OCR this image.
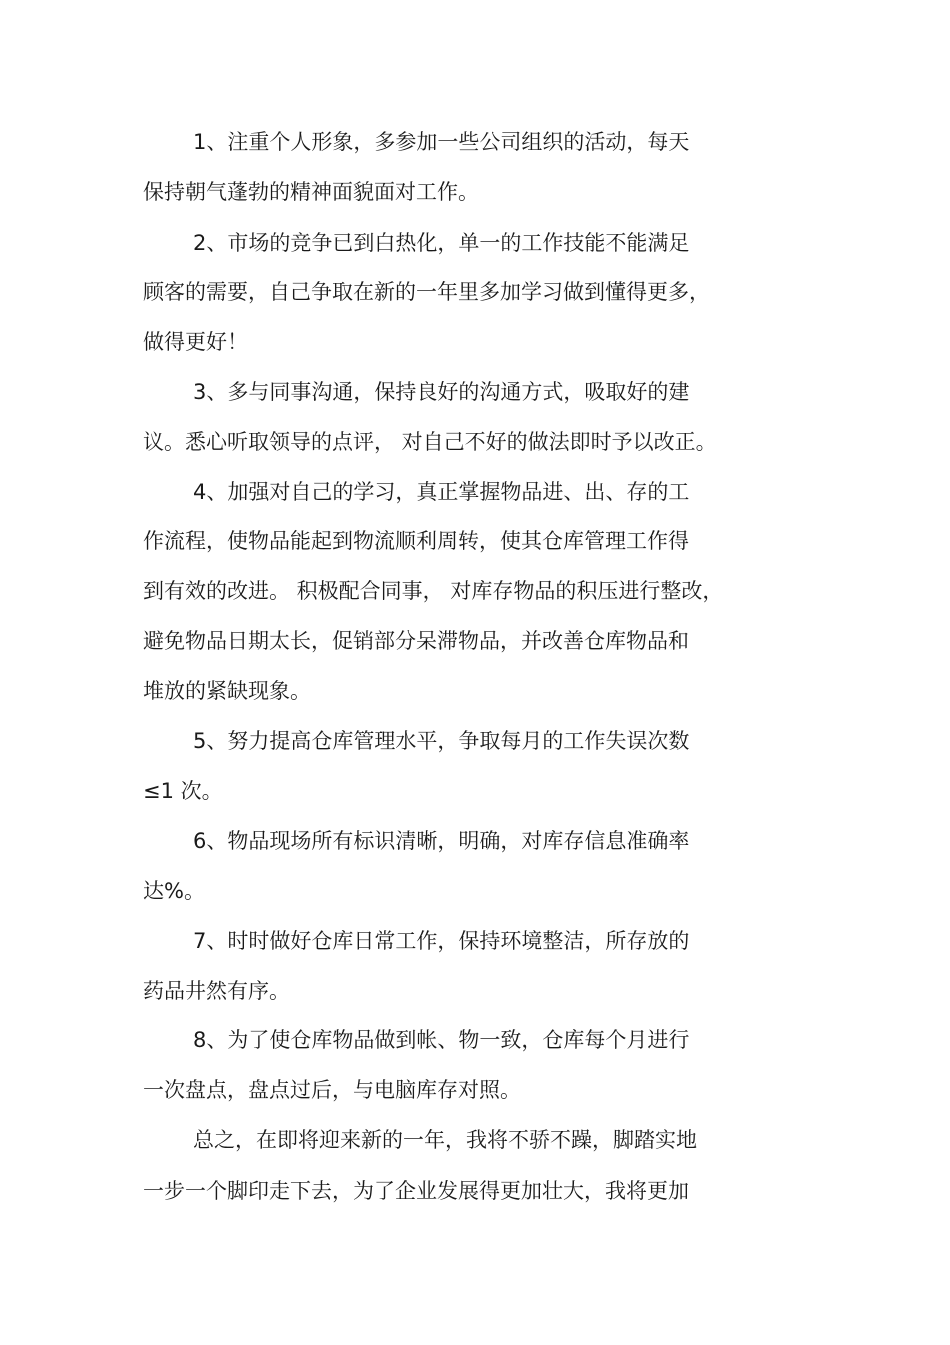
1、注重个人形象，多参加一些公司组织的活动，每天
保持朝气蓬勃的精神面貌面对工作。
2、市场的竞争已到白热化，单一的工作技能不能满足
顾客的需要，自己争取在新的一年里多加学习做到懂得更多，
做得更好！
3、多与同事沟通，保持良好的沟通方式，吸取好的建
议。悉心听取领导的点评， 对自己不好的做法即时予以改正。
4、加强对自己的学习，真正掌握物品进、出、存的工
作流程，使物品能起到物流顺利周转，使其仓库管理工作得
到有效的改进。 积极配合同事， 对库存物品的积压进行整改，
避免物品日期太长，促销部分呆滞物品，并改善仓库物品和
堆放的紧缺现象。
5、努力提高仓库管理水平，争取每月的工作失误次数
≤1 次。
6、物品现场所有标识清晰，明确，对库存信息准确率
达%。
7、时时做好仓库日常工作，保持环境整洁，所存放的
药品井然有序。
8、为了使仓库物品做到帐、物一致，仓库每个月进行
一次盘点，盘点过后，与电脑库存对照。
总之，在即将迎来新的一年，我将不骄不躁，脚踏实地
一步一个脚印走下去，为了企业发展得更加壮大，我将更加
